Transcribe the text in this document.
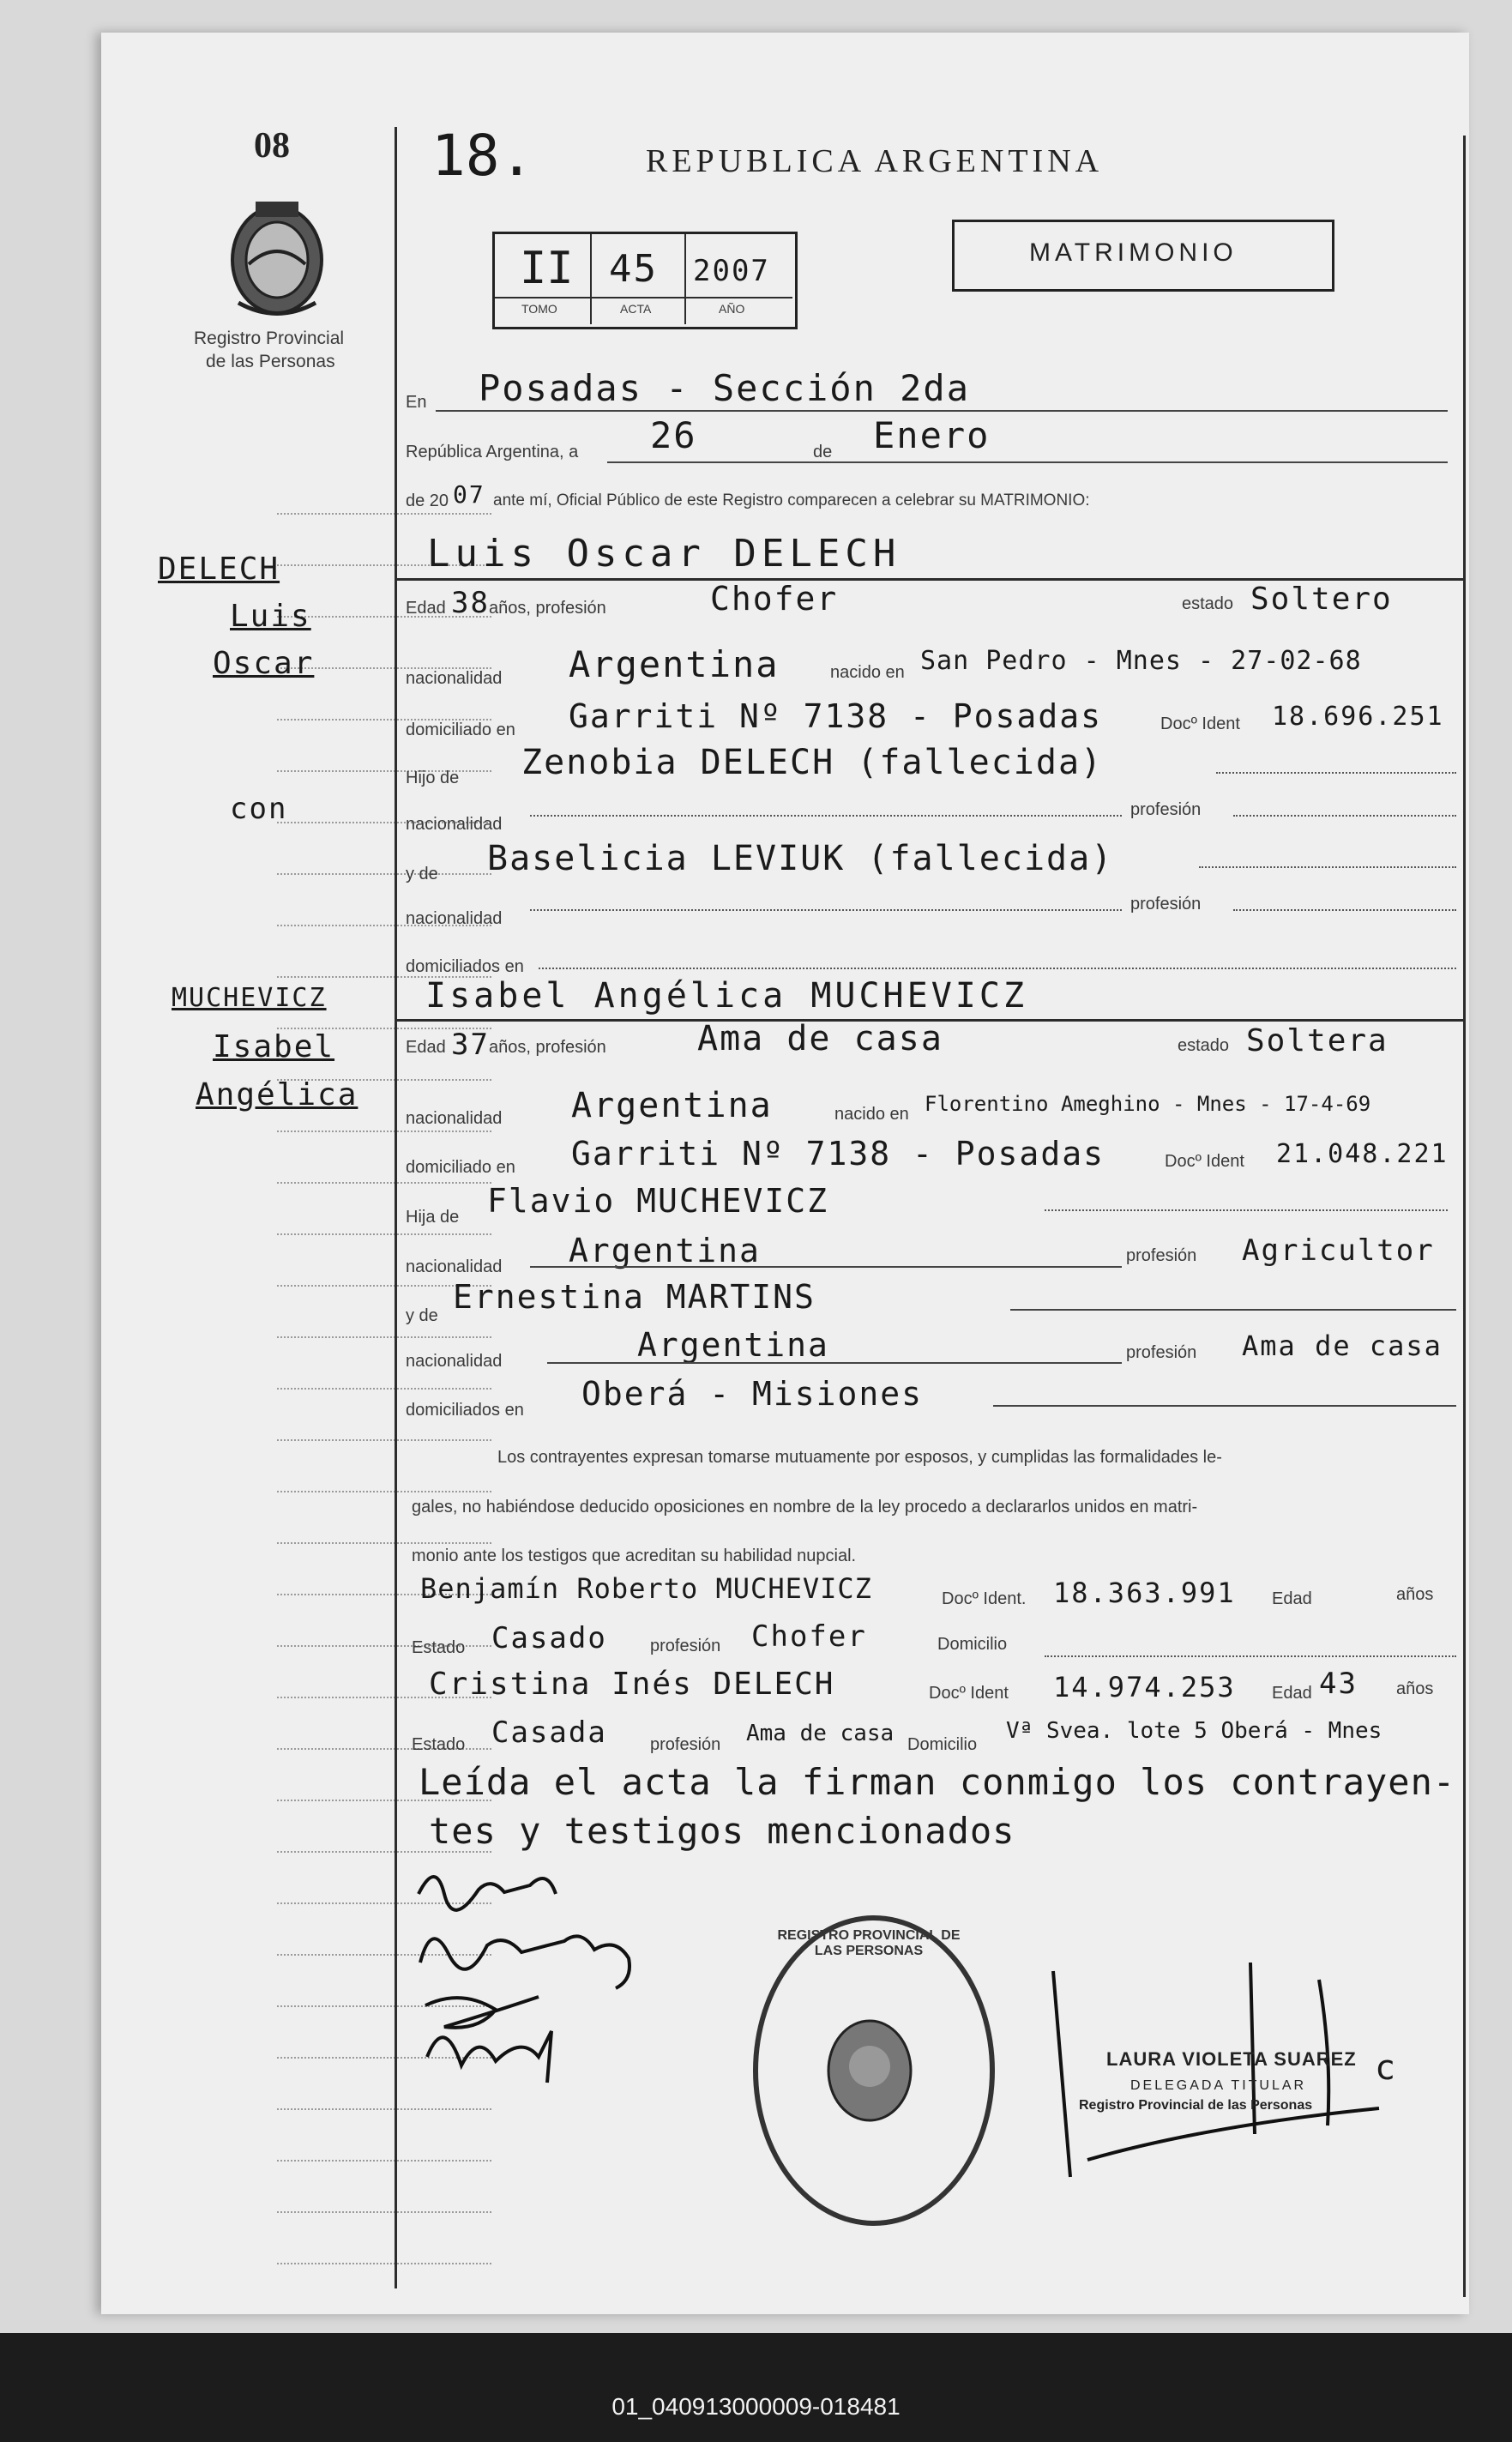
08
Registro Provincial
de las Personas
18.	REPUBLICA ARGENTINA
MATRIMONIO
II 45 2007
TOMO	ACTA	AÑO
DELECH
Luis
Oscar
con
MUCHEVICZ
Isabel
Angélica
En Posadas - Sección 2da
República Argentina, a 26	de Enero
de 20 07 ante mí, Oficial Público de este Registro comparecen a celebrar su MATRIMONIO:
Luis Oscar DELECH
Edad 38 años, profesión	Chofer	estado Soltero
nacionalidad Argentina	nacido en San Pedro - Mnes - 27-02-68
domiciliado en Garriti Nº 7138 - Posadas	Docº Ident 18.696.251
Hijo de Zenobia DELECH (fallecida)
nacionalidad
profesión
y de Baselicia LEVIUK (fallecida)
nacionalidad
profesión
domiciliados en
Isabel Angélica MUCHEVICZ
Edad 37 años, profesión	Ama de casa	estado Soltera
nacionalidad Argentina	nacido en Florentino Ameghino - Mnes - 17-4-69
domiciliado en Garriti Nº 7138 - Posadas	Docº Ident 21.048.221
Hija de Flavio MUCHEVICZ
nacionalidad Argentina	profesión Agricultor
y de Ernestina MARTINS
nacionalidad	Argentina	profesión Ama de casa
domiciliados en Oberá - Misiones
Los contrayentes expresan tomarse mutuamente por esposos, y cumplidas las formalidades le-
gales, no habiéndose deducido oposiciones en nombre de la ley procedo a declararlos unidos en matri-
monio ante los testigos que acreditan su habilidad nupcial.
Benjamín Roberto MUCHEVICZ	Docº Ident. 18.363.991 Edad	años
Estado Casado	profesión Chofer	Domicilio
Cristina Inés DELECH	Docº Ident 14.974.253 Edad 43 años
Estado Casada	profesión Ama de casa Domicilio
Vª Svea. lote 5 Oberá - Mnes
Leída el acta la firman conmigo los contrayen-
tes y testigos mencionados
REGISTRO PROVINCIAL DE LAS PERSONAS
LAURA VIOLETA SUAREZ
DELEGADA TITULAR
Registro Provincial de las Personas
c
01_040913000009-018481
